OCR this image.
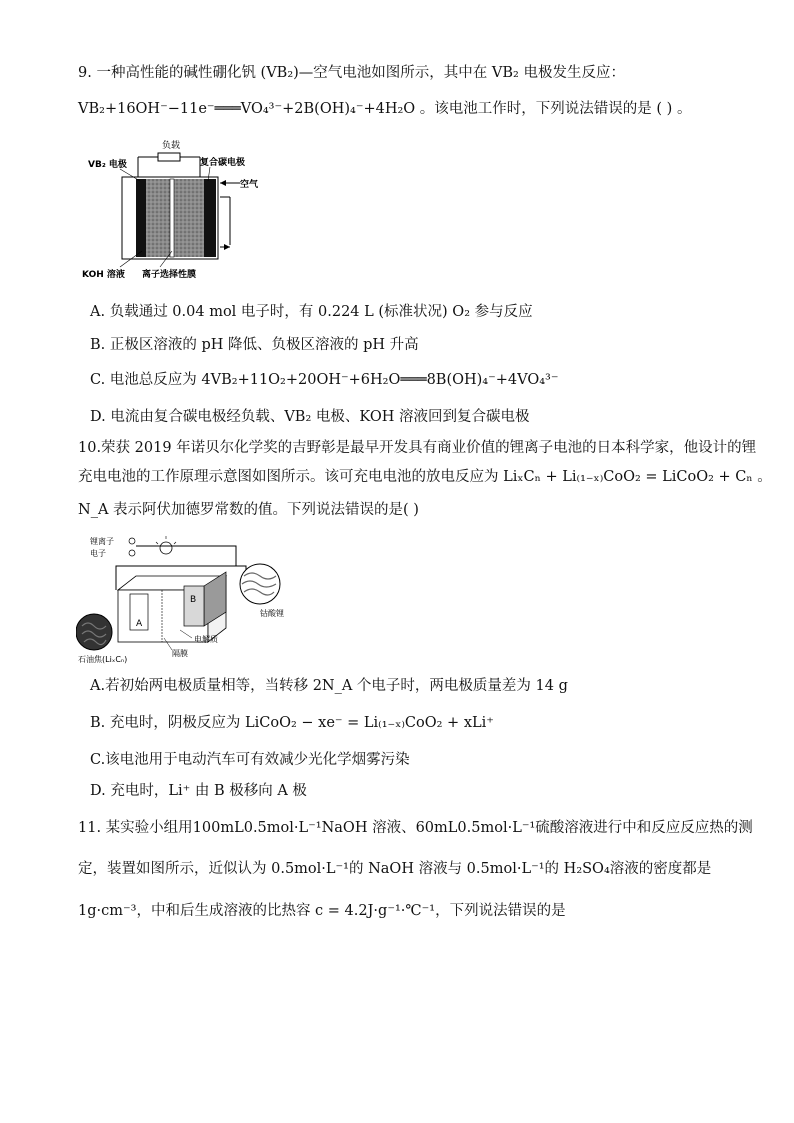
9. 一种高性能的碱性硼化钒 (VB₂)—空气电池如图所示，其中在 VB₂ 电极发生反应：
VB₂+16OH⁻−11e⁻═══VO₄³⁻+2B(OH)₄⁻+4H₂O 。该电池工作时，下列说法错误的是 ( ) 。
负载
VB₂ 电极	复合碳电极
空气
KOH 溶液 离子选择性膜
A. 负载通过 0.04 mol 电子时，有 0.224 L (标准状况) O₂ 参与反应
B. 正极区溶液的 pH 降低、负极区溶液的 pH 升高
C. 电池总反应为 4VB₂+11O₂+20OH⁻+6H₂O═══8B(OH)₄⁻+4VO₄³⁻
D. 电流由复合碳电极经负载、VB₂ 电极、KOH 溶液回到复合碳电极
10.荣获 2019 年诺贝尔化学奖的吉野彰是最早开发具有商业价值的锂离子电池的日本科学家，他设计的锂
充电电池的工作原理示意图如图所示。该可充电电池的放电反应为 LiₓCₙ + Li₍₁₋ₓ₎CoO₂ = LiCoO₂ + Cₙ 。
N_A 表示阿伏加德罗常数的值。下列说法错误的是( )
锂离子
电子
A
B
钴酸锂
电解质
隔膜
石油焦(LiₓCₙ)
A.若初始两电极质量相等，当转移 2N_A 个电子时，两电极质量差为 14 g
B. 充电时，阴极反应为 LiCoO₂ − xe⁻ = Li₍₁₋ₓ₎CoO₂ + xLi⁺
C.该电池用于电动汽车可有效减少光化学烟雾污染
D. 充电时，Li⁺ 由 B 极移向 A 极
11. 某实验小组用100mL0.5mol·L⁻¹NaOH 溶液、60mL0.5mol·L⁻¹硫酸溶液进行中和反应反应热的测
定，装置如图所示，近似认为 0.5mol·L⁻¹的 NaOH 溶液与 0.5mol·L⁻¹的 H₂SO₄溶液的密度都是
1g·cm⁻³，中和后生成溶液的比热容 c = 4.2J·g⁻¹·℃⁻¹，下列说法错误的是
